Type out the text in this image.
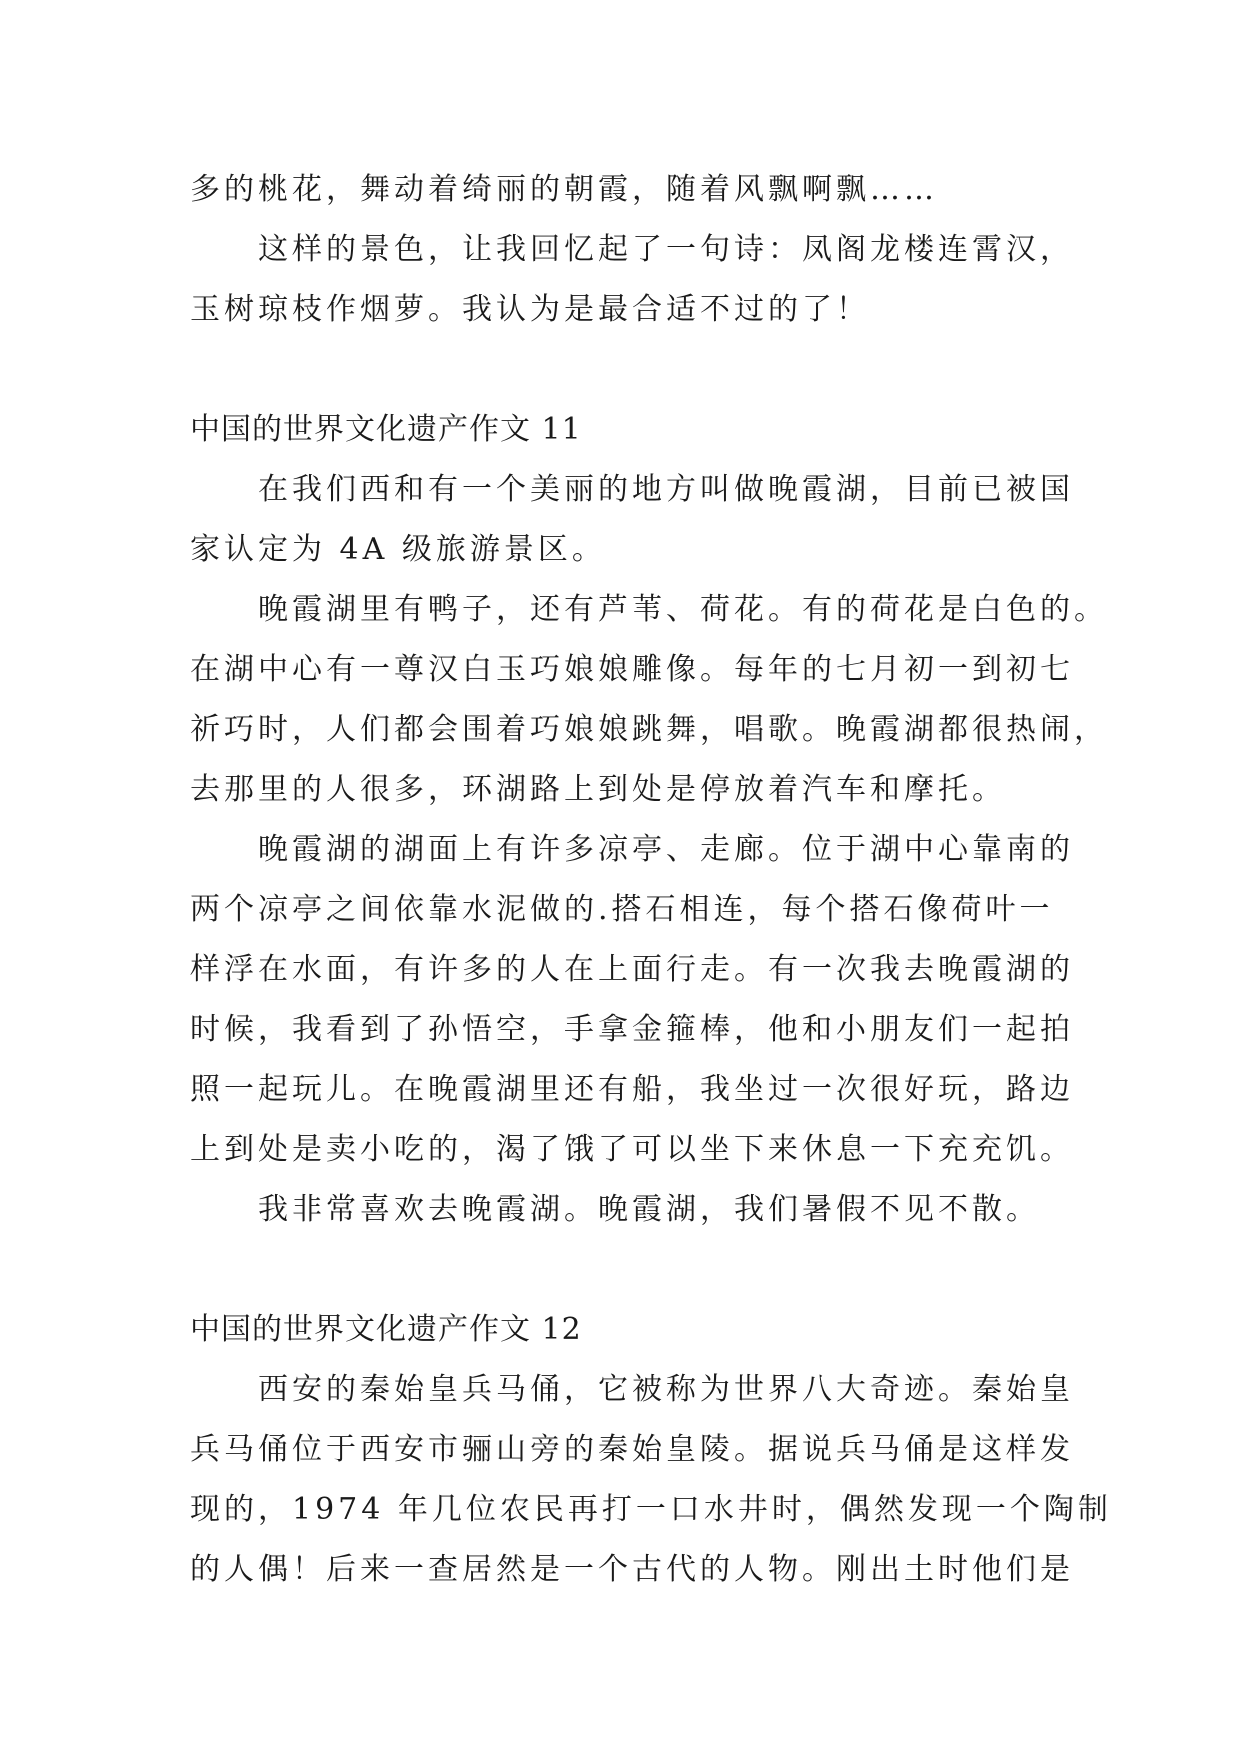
多的桃花，舞动着绮丽的朝霞，随着风飘啊飘……

这样的景色，让我回忆起了一句诗：凤阁龙楼连霄汉，

玉树琼枝作烟萝。我认为是最合适不过的了！

中国的世界文化遗产作文 11

在我们西和有一个美丽的地方叫做晚霞湖，目前已被国

家认定为 4A 级旅游景区。

晚霞湖里有鸭子，还有芦苇、荷花。有的荷花是白色的。

在湖中心有一尊汉白玉巧娘娘雕像。每年的七月初一到初七

祈巧时，人们都会围着巧娘娘跳舞，唱歌。晚霞湖都很热闹，

去那里的人很多，环湖路上到处是停放着汽车和摩托。

晚霞湖的湖面上有许多凉亭、走廊。位于湖中心靠南的

两个凉亭之间依靠水泥做的.搭石相连，每个搭石像荷叶一

样浮在水面，有许多的人在上面行走。有一次我去晚霞湖的

时候，我看到了孙悟空，手拿金箍棒，他和小朋友们一起拍

照一起玩儿。在晚霞湖里还有船，我坐过一次很好玩，路边

上到处是卖小吃的，渴了饿了可以坐下来休息一下充充饥。

我非常喜欢去晚霞湖。晚霞湖，我们暑假不见不散。

中国的世界文化遗产作文 12

西安的秦始皇兵马俑，它被称为世界八大奇迹。秦始皇

兵马俑位于西安市骊山旁的秦始皇陵。据说兵马俑是这样发

现的，1974 年几位农民再打一口水井时，偶然发现一个陶制

的人偶！后来一查居然是一个古代的人物。刚出土时他们是
